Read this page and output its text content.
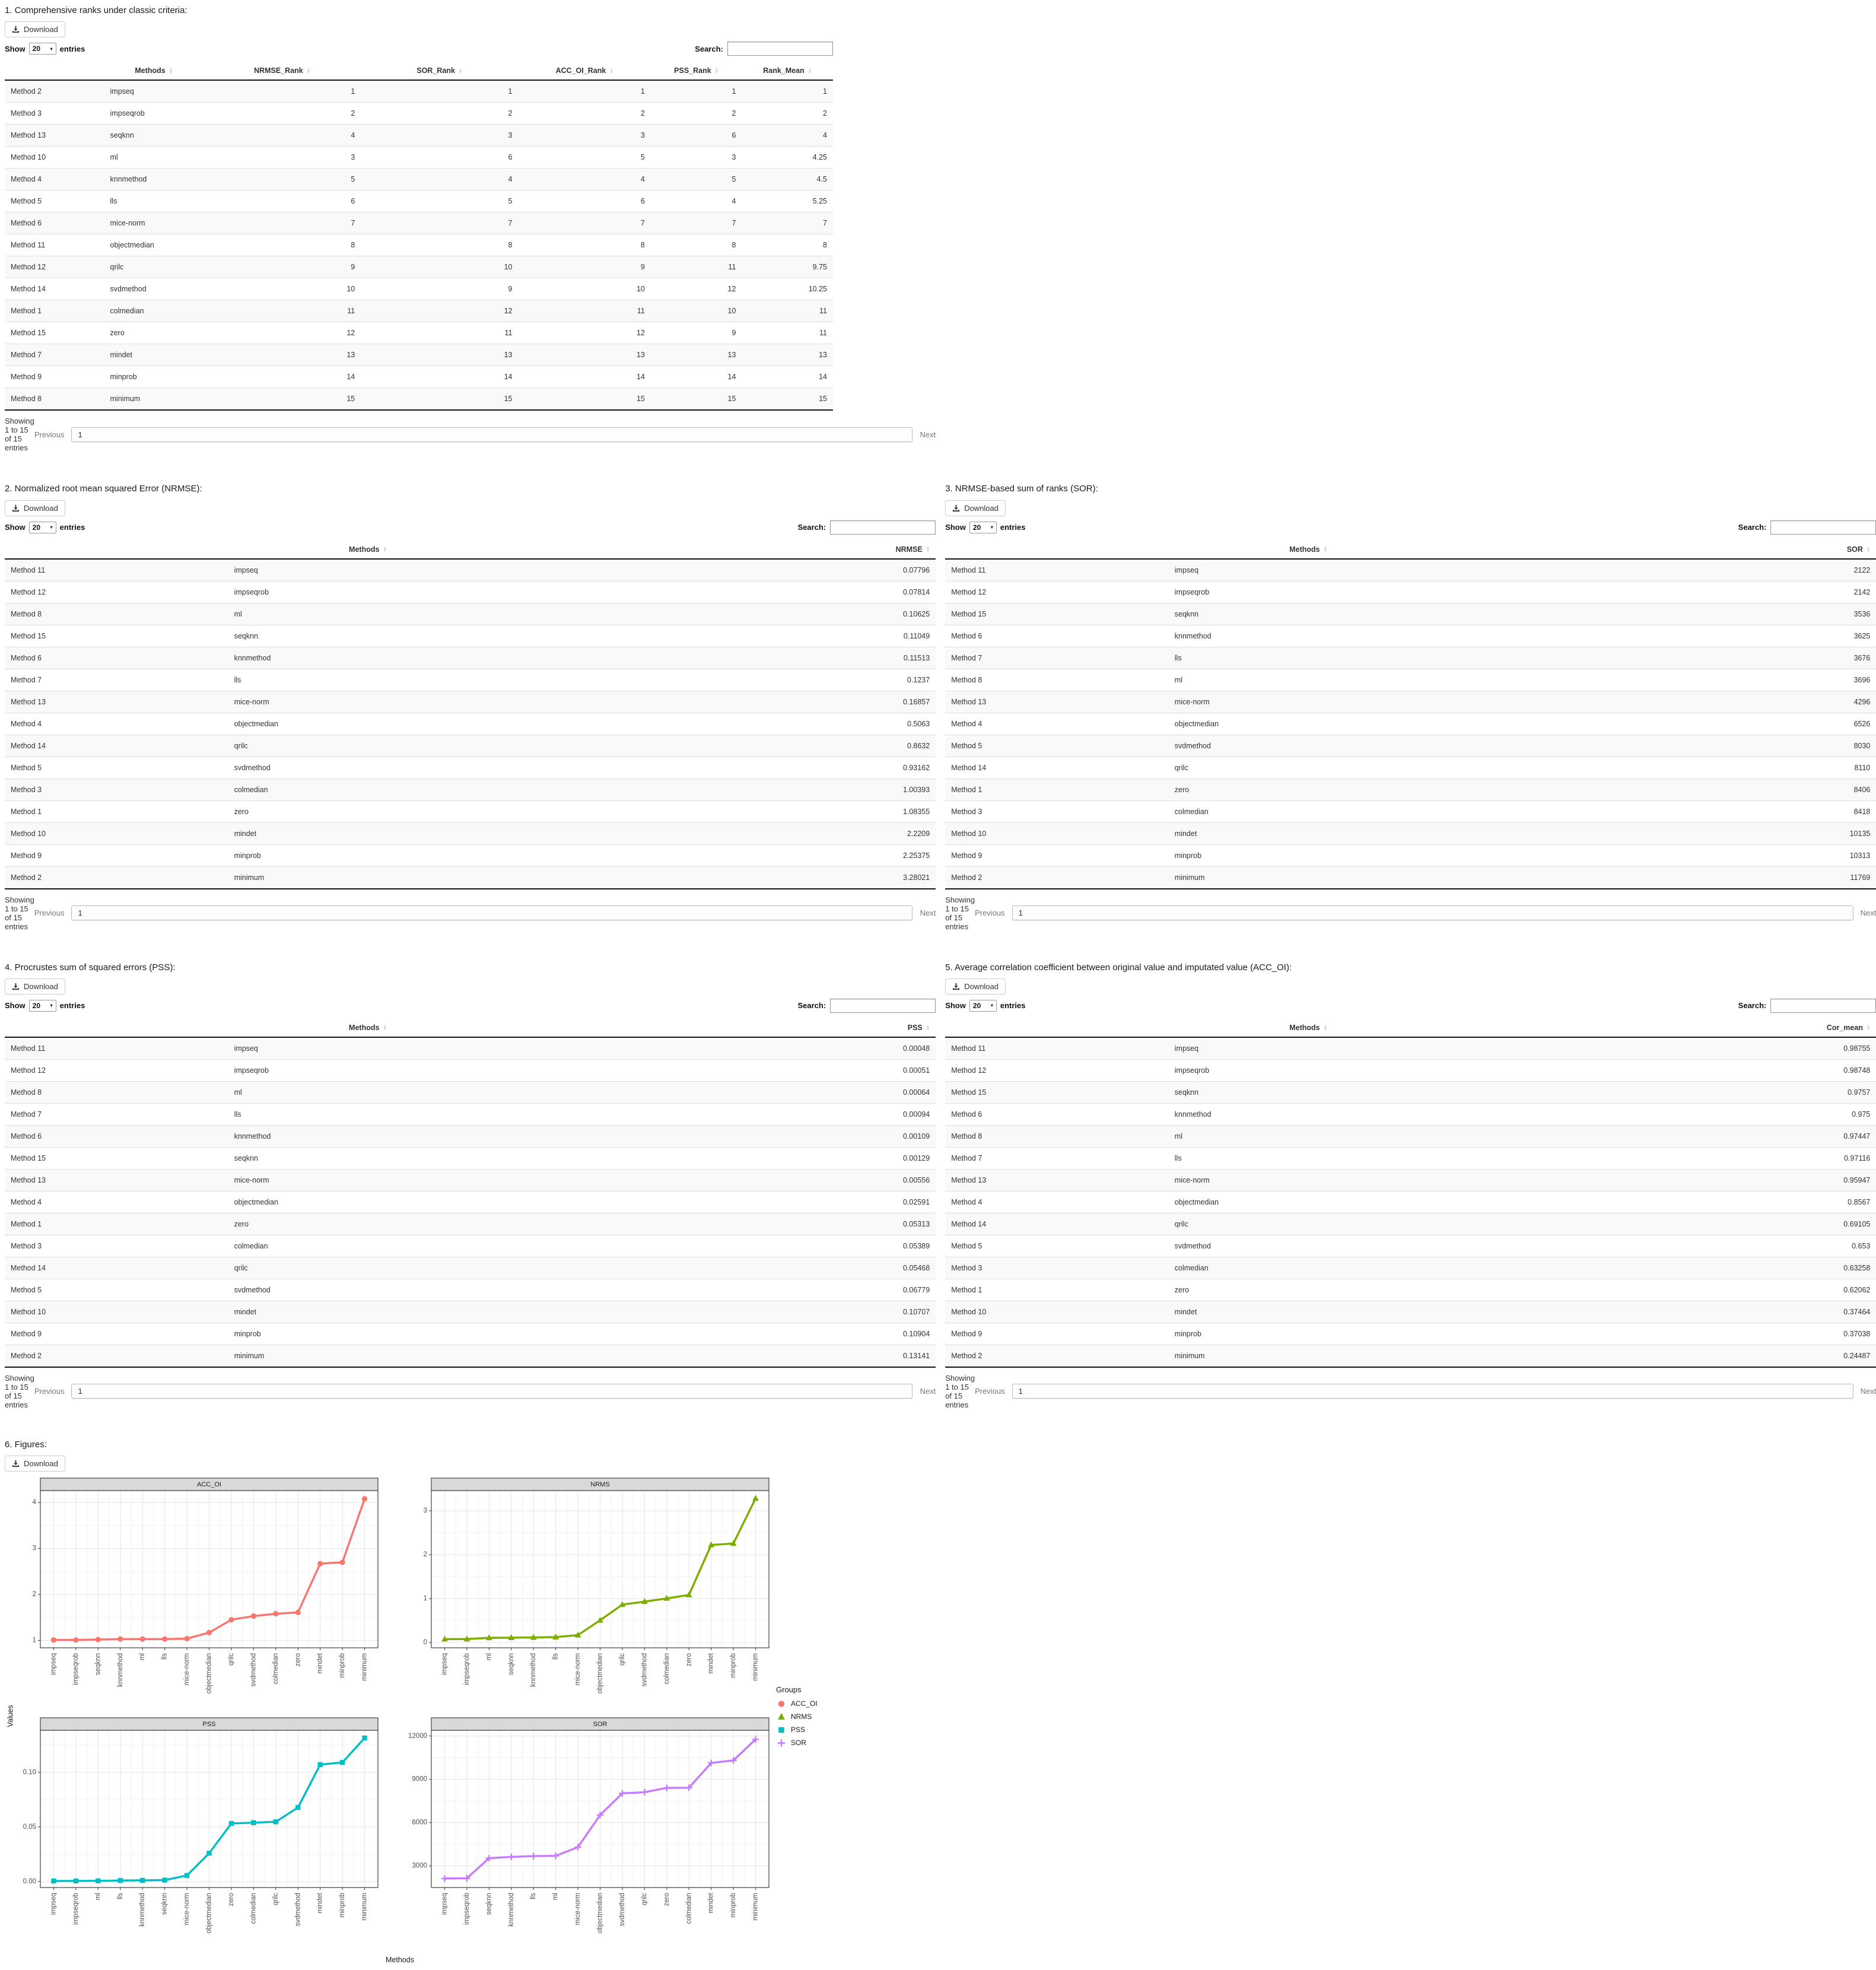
1. Comprehensive ranks under classic criteria:
Download
Show 20 ▾ entries	Search:
	Methods ▲
▼	NRMSE_Rank ▲
▼	SOR_Rank ▲
▼	ACC_OI_Rank ▲
▼	PSS_Rank ▲
▼	Rank_Mean ▲
▼

Method 2	impseq	1	1	1	1	1
Method 3	impseqrob	2	2	2	2	2
Method 13	seqknn	4	3	3	6	4
Method 10	ml	3	6	5	3	4.25
Method 4	knnmethod	5	4	4	5	4.5
Method 5	lls	6	5	6	4	5.25
Method 6	mice-norm	7	7	7	7	7
Method 11	objectmedian	8	8	8	8	8
Method 12	qrilc	9	10	9	11	9.75
Method 14	svdmethod	10	9	10	12	10.25
Method 1	colmedian	11	12	11	10	11
Method 15	zero	12	11	12	9	11
Method 7	mindet	13	13	13	13	13
Method 9	minprob	14	14	14	14	14
Method 8	minimum	15	15	15	15	15
Showing 1 to 15 of 15 entries
Previous	1	Next
2. Normalized root mean squared Error (NRMSE):
Download
Show 20 ▾ entries	Search:
	Methods ▲
▼	NRMSE ▲
▼

Method 11	impseq	0.07796
Method 12	impseqrob	0.07814
Method 8	ml	0.10625
Method 15	seqknn	0.11049
Method 6	knnmethod	0.11513
Method 7	lls	0.1237
Method 13	mice-norm	0.16857
Method 4	objectmedian	0.5063
Method 14	qrilc	0.8632
Method 5	svdmethod	0.93162
Method 3	colmedian	1.00393
Method 1	zero	1.08355
Method 10	mindet	2.2209
Method 9	minprob	2.25375
Method 2	minimum	3.28021
Showing 1 to 15 of 15 entries
Previous	1	Next
3. NRMSE-based sum of ranks (SOR):
Download
Show 20 ▾ entries	Search:
	Methods ▲
▼	SOR ▲
▼

Method 11	impseq	2122
Method 12	impseqrob	2142
Method 15	seqknn	3536
Method 6	knnmethod	3625
Method 7	lls	3676
Method 8	ml	3696
Method 13	mice-norm	4296
Method 4	objectmedian	6526
Method 5	svdmethod	8030
Method 14	qrilc	8110
Method 1	zero	8406
Method 3	colmedian	8418
Method 10	mindet	10135
Method 9	minprob	10313
Method 2	minimum	11769
Showing 1 to 15 of 15 entries
Previous	1	Next
4. Procrustes sum of squared errors (PSS):
Download
Show 20 ▾ entries	Search:
	Methods ▲
▼	PSS ▲
▼

Method 11	impseq	0.00048
Method 12	impseqrob	0.00051
Method 8	ml	0.00064
Method 7	lls	0.00094
Method 6	knnmethod	0.00109
Method 15	seqknn	0.00129
Method 13	mice-norm	0.00556
Method 4	objectmedian	0.02591
Method 1	zero	0.05313
Method 3	colmedian	0.05389
Method 14	qrilc	0.05468
Method 5	svdmethod	0.06779
Method 10	mindet	0.10707
Method 9	minprob	0.10904
Method 2	minimum	0.13141
Showing 1 to 15 of 15 entries
Previous	1	Next
5. Average correlation coefficient between original value and imputated value (ACC_OI):
Download
Show 20 ▾ entries	Search:
	Methods ▲
▼	Cor_mean ▲
▼

Method 11	impseq	0.98755
Method 12	impseqrob	0.98748
Method 15	seqknn	0.9757
Method 6	knnmethod	0.975
Method 8	ml	0.97447
Method 7	lls	0.97116
Method 13	mice-norm	0.95947
Method 4	objectmedian	0.8567
Method 14	qrilc	0.69105
Method 5	svdmethod	0.653
Method 3	colmedian	0.63258
Method 1	zero	0.62062
Method 10	mindet	0.37464
Method 9	minprob	0.37038
Method 2	minimum	0.24487
Showing 1 to 15 of 15 entries
Previous	1	Next
6. Figures:
Download
Values
ACC_OI
1
2
3
4
impseq impseqrob seqknn knnmethod ml lls mice-norm objectmedian qrilc svdmethod colmedian zero mindet minprob minimum
NRMS
0
1
2
3
impseq impseqrob ml seqknn knnmethod lls mice-norm objectmedian qrilc svdmethod colmedian zero mindet minprob minimum
PSS
0.00
0.05
0.10
impseq impseqrob ml lls knnmethod seqknn mice-norm objectmedian zero colmedian qrilc svdmethod mindet minprob minimum
SOR
3000
6000
9000
12000
impseq impseqrob seqknn knnmethod lls ml mice-norm objectmedian svdmethod qrilc zero colmedian mindet minprob minimum
Groups
ACC_OI
NRMS
PSS
SOR
Methods
